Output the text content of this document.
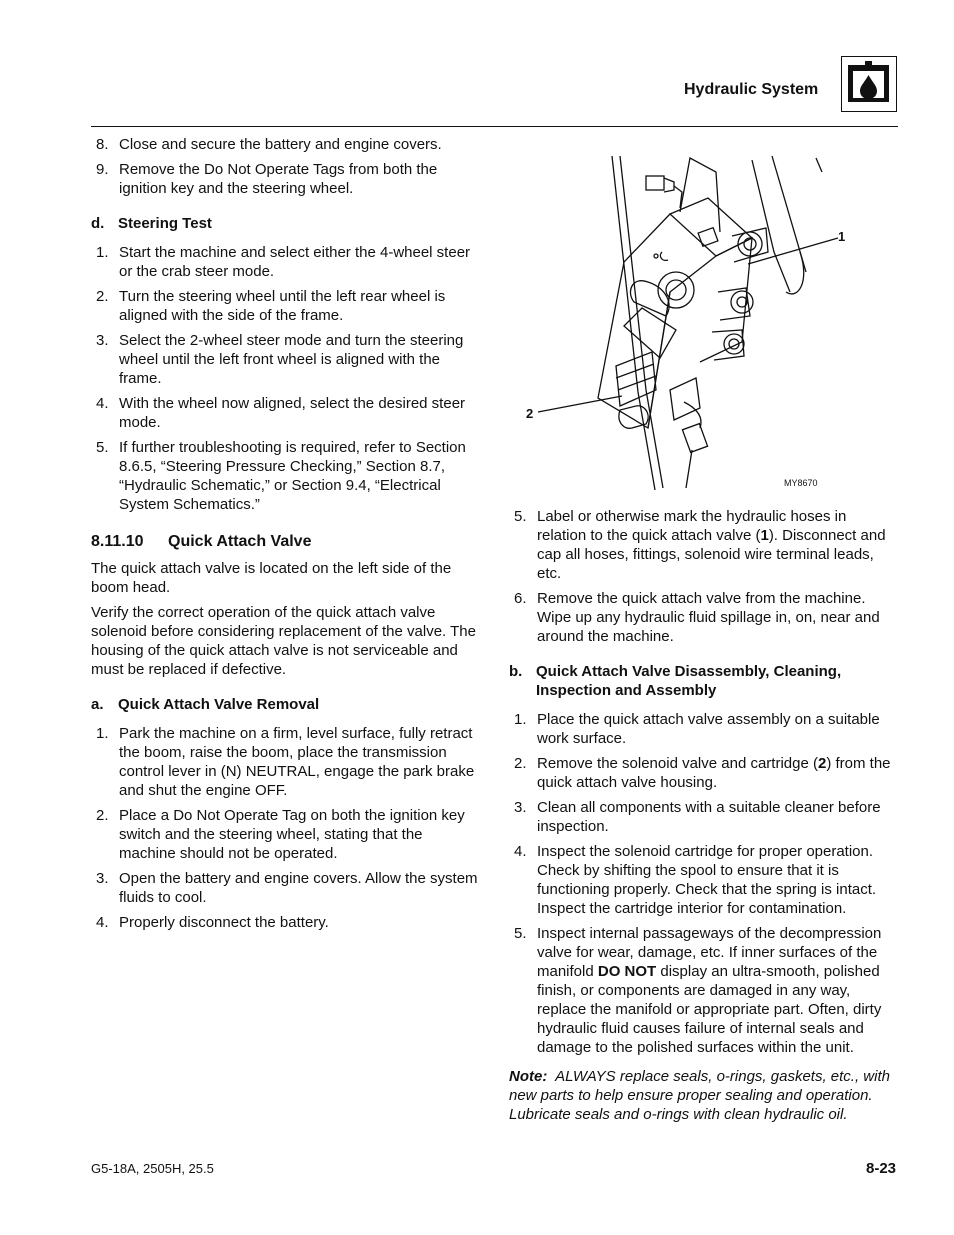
Hydraulic System
8. Close and secure the battery and engine covers.
9. Remove the Do Not Operate Tags from both the ignition key and the steering wheel.
d. Steering Test
1. Start the machine and select either the 4-wheel steer or the crab steer mode.
2. Turn the steering wheel until the left rear wheel is aligned with the side of the frame.
3. Select the 2-wheel steer mode and turn the steering wheel until the left front wheel is aligned with the frame.
4. With the wheel now aligned, select the desired steer mode.
5. If further troubleshooting is required, refer to Section 8.6.5, “Steering Pressure Checking,” Section 8.7, “Hydraulic Schematic,” or Section 9.4, “Electrical System Schematics.”
8.11.10 Quick Attach Valve

The quick attach valve is located on the left side of the boom head.

Verify the correct operation of the quick attach valve solenoid before considering replacement of the valve. The housing of the quick attach valve is not serviceable and must be replaced if defective.

a. Quick Attach Valve Removal
1. Park the machine on a firm, level surface, fully retract the boom, raise the boom, place the transmission control lever in (N) NEUTRAL, engage the park brake and shut the engine OFF.
2. Place a Do Not Operate Tag on both the ignition key switch and the steering wheel, stating that the machine should not be operated.
3. Open the battery and engine covers. Allow the system fluids to cool.
4. Properly disconnect the battery.
1
2
MY8670
5. Label or otherwise mark the hydraulic hoses in relation to the quick attach valve (1). Disconnect and cap all hoses, fittings, solenoid wire terminal leads, etc.
6. Remove the quick attach valve from the machine. Wipe up any hydraulic fluid spillage in, on, near and around the machine.
b. Quick Attach Valve Disassembly, Cleaning, Inspection and Assembly
1. Place the quick attach valve assembly on a suitable work surface.
2. Remove the solenoid valve and cartridge (2) from the quick attach valve housing.
3. Clean all components with a suitable cleaner before inspection.
4. Inspect the solenoid cartridge for proper operation. Check by shifting the spool to ensure that it is functioning properly. Check that the spring is intact. Inspect the cartridge interior for contamination.
5. Inspect internal passageways of the decompression valve for wear, damage, etc. If inner surfaces of the manifold DO NOT display an ultra-smooth, polished finish, or components are damaged in any way, replace the manifold or appropriate part. Often, dirty hydraulic fluid causes failure of internal seals and damage to the polished surfaces within the unit.
Note: ALWAYS replace seals, o-rings, gaskets, etc., with new parts to help ensure proper sealing and operation. Lubricate seals and o-rings with clean hydraulic oil.
G5-18A, 2505H, 25.5	8-23
